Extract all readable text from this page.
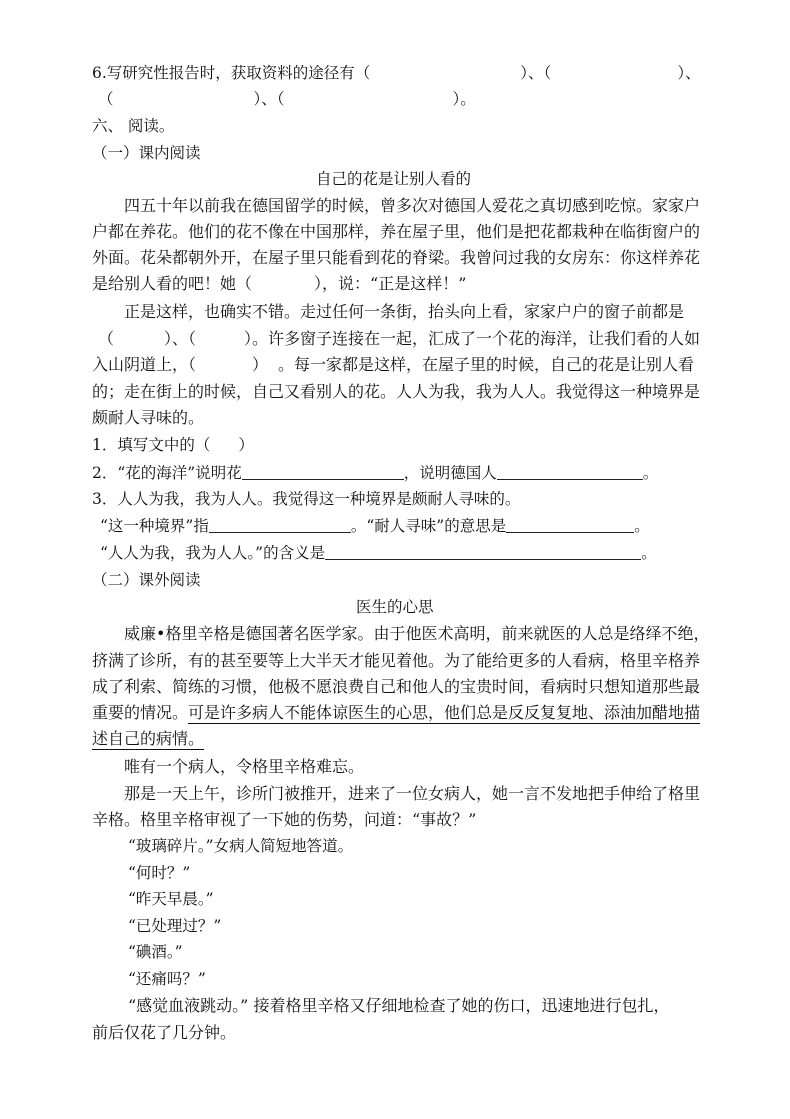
6.写研究性报告时，获取资料的途径有（	）、（	）、
（	）、（	）。
六、 阅读。
（一）课内阅读
自己的花是让别人看的
四五十年以前我在德国留学的时候，曾多次对德国人爱花之真切感到吃惊。家家户
户都在养花。他们的花不像在中国那样，养在屋子里，他们是把花都栽种在临街窗户的
外面。花朵都朝外开，在屋子里只能看到花的脊梁。我曾问过我的女房东：你这样养花
是给别人看的吧！她（	），说：“正是这样！”
正是这样，也确实不错。走过任何一条街，抬头向上看，家家户户的窗子前都是
（	）、（	）。许多窗子连接在一起，汇成了一个花的海洋，让我们看的人如
入山阴道上，（	） 。每一家都是这样，在屋子里的时候，自己的花是让别人看
的；走在街上的时候，自己又看别人的花。人人为我，我为人人。我觉得这一种境界是
颇耐人寻味的。
1．填写文中的（ ）
2．“花的海洋”说明花	，说明德国人	。
3．人人为我，我为人人。我觉得这一种境界是颇耐人寻味的。
“这一种境界”指	。“耐人寻味”的意思是	。
“人人为我，我为人人。”的含义是	。
（二）课外阅读
医生的心思
威廉•格里辛格是德国著名医学家。由于他医术高明，前来就医的人总是络绎不绝，
挤满了诊所，有的甚至要等上大半天才能见着他。为了能给更多的人看病，格里辛格养
成了利索、简练的习惯，他极不愿浪费自己和他人的宝贵时间，看病时只想知道那些最
重要的情况。可是许多病人不能体谅医生的心思，他们总是反反复复地、添油加醋地描
述自己的病情。
唯有一个病人，令格里辛格难忘。
那是一天上午，诊所门被推开，进来了一位女病人，她一言不发地把手伸给了格里
辛格。格里辛格审视了一下她的伤势，问道：“事故？”
“玻璃碎片。”女病人简短地答道。
“何时？”
“昨天早晨。”
“已处理过？”
“碘酒。”
“还痛吗？”
“感觉血液跳动。” 接着格里辛格又仔细地检查了她的伤口，迅速地进行包扎，
前后仅花了几分钟。
